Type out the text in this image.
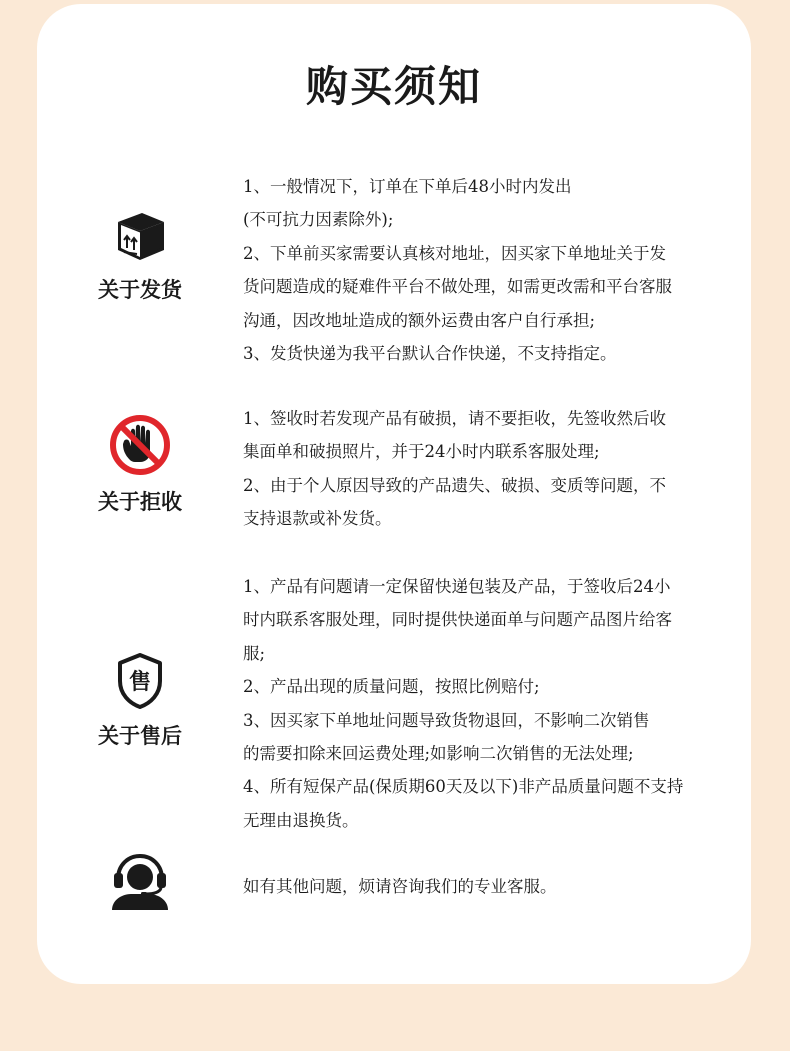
购买须知
关于发货
1、一般情况下，订单在下单后48小时内发出
(不可抗力因素除外);
2、下单前买家需要认真核对地址，因买家下单地址关于发
货问题造成的疑难件平台不做处理，如需更改需和平台客服
沟通，因改地址造成的额外运费由客户自行承担;
3、发货快递为我平台默认合作快递，不支持指定。
关于拒收
1、签收时若发现产品有破损，请不要拒收，先签收然后收
集面单和破损照片，并于24小时内联系客服处理;
2、由于个人原因导致的产品遗失、破损、变质等问题，不
支持退款或补发货。
售
关于售后
1、产品有问题请一定保留快递包装及产品，于签收后24小
时内联系客服处理，同时提供快递面单与问题产品图片给客
服;
2、产品出现的质量问题，按照比例赔付;
3、因买家下单地址问题导致货物退回，不影响二次销售
的需要扣除来回运费处理;如影响二次销售的无法处理;
4、所有短保产品(保质期60天及以下)非产品质量问题不支持
无理由退换货。
如有其他问题，烦请咨询我们的专业客服。
